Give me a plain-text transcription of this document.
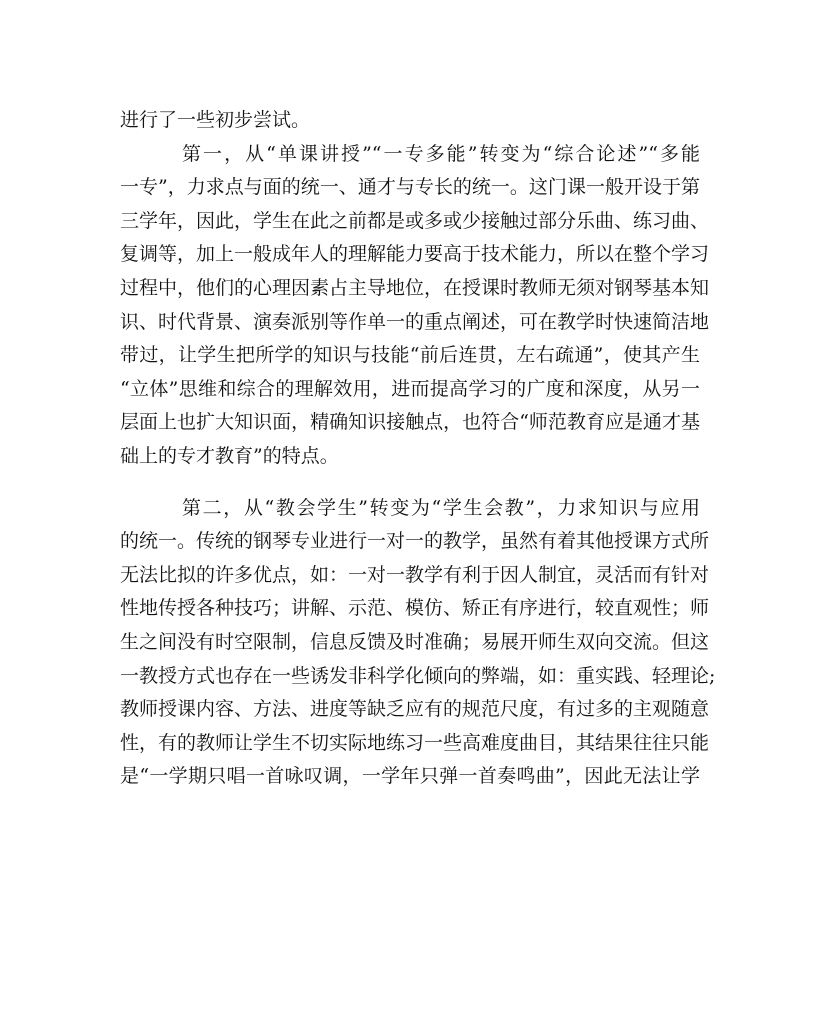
进行了一些初步尝试。
第一，从“单课讲授”“一专多能”转变为“综合论述”“多能
一专”，力求点与面的统一、通才与专长的统一。这门课一般开设于第
三学年，因此，学生在此之前都是或多或少接触过部分乐曲、练习曲、
复调等，加上一般成年人的理解能力要高于技术能力，所以在整个学习
过程中，他们的心理因素占主导地位，在授课时教师无须对钢琴基本知
识、时代背景、演奏派别等作单一的重点阐述，可在教学时快速简洁地
带过，让学生把所学的知识与技能“前后连贯，左右疏通”，使其产生
“立体”思维和综合的理解效用，进而提高学习的广度和深度，从另一
层面上也扩大知识面，精确知识接触点，也符合“师范教育应是通才基
础上的专才教育”的特点。
第二，从“教会学生”转变为“学生会教”，力求知识与应用
的统一。传统的钢琴专业进行一对一的教学，虽然有着其他授课方式所
无法比拟的许多优点，如：一对一教学有利于因人制宜，灵活而有针对
性地传授各种技巧；讲解、示范、模仿、矫正有序进行，较直观性；师
生之间没有时空限制，信息反馈及时准确；易展开师生双向交流。但这
一教授方式也存在一些诱发非科学化倾向的弊端，如：重实践、轻理论;
教师授课内容、方法、进度等缺乏应有的规范尺度，有过多的主观随意
性，有的教师让学生不切实际地练习一些高难度曲目，其结果往往只能
是“一学期只唱一首咏叹调，一学年只弹一首奏鸣曲”，因此无法让学
